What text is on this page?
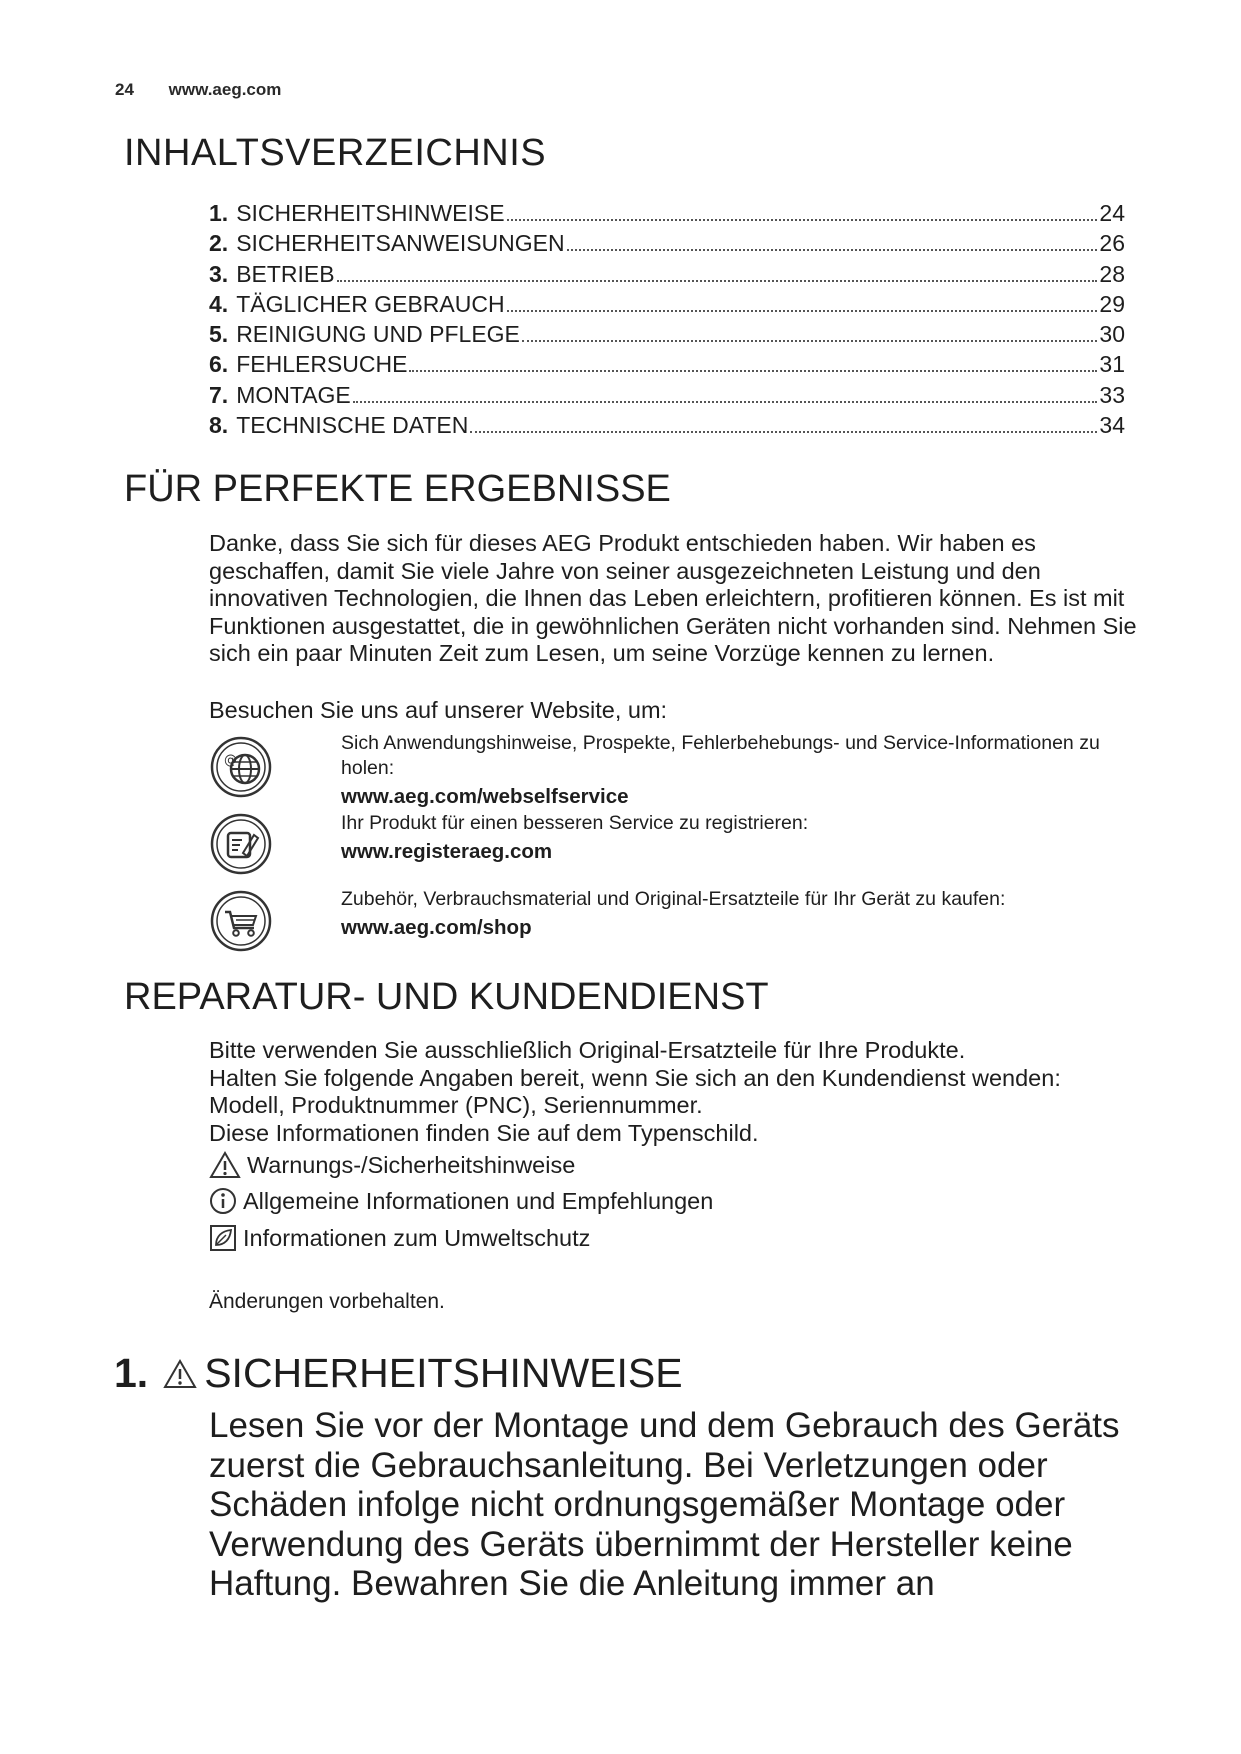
24 www.aeg.com
INHALTSVERZEICHNIS
1. SICHERHEITSHINWEISE	24
2. SICHERHEITSANWEISUNGEN	26
3. BETRIEB	28
4. TÄGLICHER GEBRAUCH	29
5. REINIGUNG UND PFLEGE	30
6. FEHLERSUCHE	31
7. MONTAGE	33
8. TECHNISCHE DATEN	34
FÜR PERFEKTE ERGEBNISSE

Danke, dass Sie sich für dieses AEG Produkt entschieden haben. Wir haben es geschaffen, damit Sie viele Jahre von seiner ausgezeichneten Leistung und den innovativen Technologien, die Ihnen das Leben erleichtern, profitieren können. Es ist mit Funktionen ausgestattet, die in gewöhnlichen Geräten nicht vorhanden sind. Nehmen Sie sich ein paar Minuten Zeit zum Lesen, um seine Vorzüge kennen zu lernen.

Besuchen Sie uns auf unserer Website, um:

@
Sich Anwendungshinweise, Prospekte, Fehlerbehebungs- und Service-Informationen zu holen:
www.aeg.com/webselfservice
Ihr Produkt für einen besseren Service zu registrieren:
www.registeraeg.com
Zubehör, Verbrauchsmaterial und Original-Ersatzteile für Ihr Gerät zu kaufen:
www.aeg.com/shop
REPARATUR- UND KUNDENDIENST
Bitte verwenden Sie ausschließlich Original-Ersatzteile für Ihre Produkte.
Halten Sie folgende Angaben bereit, wenn Sie sich an den Kundendienst wenden: Modell, Produktnummer (PNC), Seriennummer.
Diese Informationen finden Sie auf dem Typenschild.
Warnungs-/Sicherheitshinweise
Allgemeine Informationen und Empfehlungen
Informationen zum Umweltschutz
Änderungen vorbehalten.
1. SICHERHEITSHINWEISE

Lesen Sie vor der Montage und dem Gebrauch des Geräts zuerst die Gebrauchsanleitung. Bei Verletzungen oder Schäden infolge nicht ordnungsgemäßer Montage oder Verwendung des Geräts übernimmt der Hersteller keine Haftung. Bewahren Sie die Anleitung immer an
